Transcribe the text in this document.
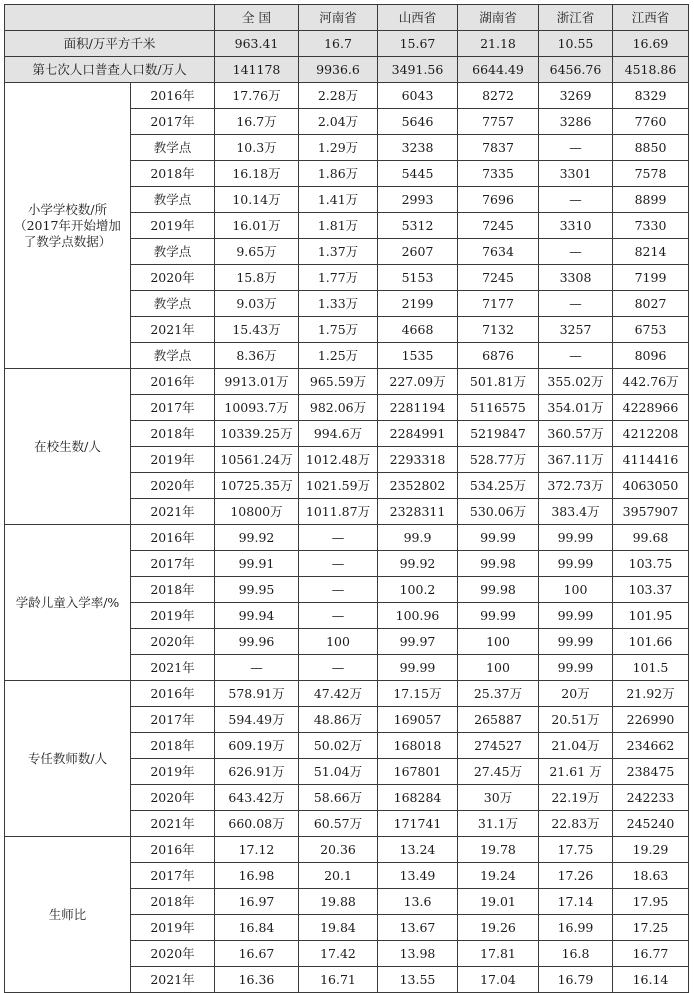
		全 国	河南省	山西省	湖南省	浙江省	江西省
面积/万平方千米		963.41	16.7	15.67	21.18	10.55	16.69
第七次人口普查人口数/万人		141178	9936.6	3491.56	6644.49	6456.76	4518.86
小学学校数/所（2017年开始增加了教学点数据）	2016年	17.76万	2.28万	6043	8272	3269	8329
	2017年	16.7万	2.04万	5646	7757	3286	7760
	教学点	10.3万	1.29万	3238	7837	—	8850
	2018年	16.18万	1.86万	5445	7335	3301	7578
	教学点	10.14万	1.41万	2993	7696	—	8899
	2019年	16.01万	1.81万	5312	7245	3310	7330
	教学点	9.65万	1.37万	2607	7634	—	8214
	2020年	15.8万	1.77万	5153	7245	3308	7199
	教学点	9.03万	1.33万	2199	7177	—	8027
	2021年	15.43万	1.75万	4668	7132	3257	6753
	教学点	8.36万	1.25万	1535	6876	—	8096
在校生数/人	2016年	9913.01万	965.59万	227.09万	501.81万	355.02万	442.76万
	2017年	10093.7万	982.06万	2281194	5116575	354.01万	4228966
	2018年	10339.25万	994.6万	2284991	5219847	360.57万	4212208
	2019年	10561.24万	1012.48万	2293318	528.77万	367.11万	4114416
	2020年	10725.35万	1021.59万	2352802	534.25万	372.73万	4063050
	2021年	10800万	1011.87万	2328311	530.06万	383.4万	3957907
学龄儿童入学率/%	2016年	99.92	—	99.9	99.99	99.99	99.68
	2017年	99.91	—	99.92	99.98	99.99	103.75
	2018年	99.95	—	100.2	99.98	100	103.37
	2019年	99.94	—	100.96	99.99	99.99	101.95
	2020年	99.96	100	99.97	100	99.99	101.66
	2021年	—	—	99.99	100	99.99	101.5
专任教师数/人	2016年	578.91万	47.42万	17.15万	25.37万	20万	21.92万
	2017年	594.49万	48.86万	169057	265887	20.51万	226990
	2018年	609.19万	50.02万	168018	274527	21.04万	234662
	2019年	626.91万	51.04万	167801	27.45万	21.61 万	238475
	2020年	643.42万	58.66万	168284	30万	22.19万	242233
	2021年	660.08万	60.57万	171741	31.1万	22.83万	245240
生师比	2016年	17.12	20.36	13.24	19.78	17.75	19.29
	2017年	16.98	20.1	13.49	19.24	17.26	18.63
	2018年	16.97	19.88	13.6	19.01	17.14	17.95
	2019年	16.84	19.84	13.67	19.26	16.99	17.25
	2020年	16.67	17.42	13.98	17.81	16.8	16.77
	2021年	16.36	16.71	13.55	17.04	16.79	16.14
